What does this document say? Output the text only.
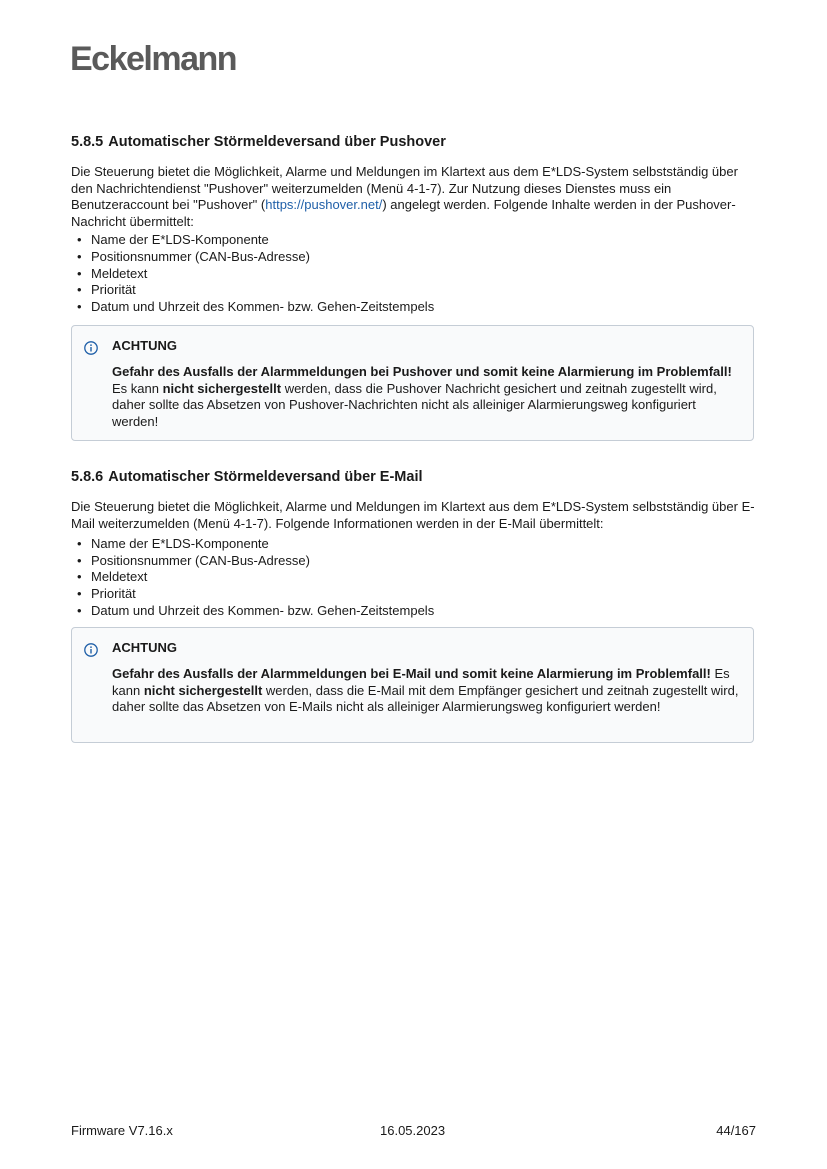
Eckelmann
5.8.5 Automatischer Störmeldeversand über Pushover

Die Steuerung bietet die Möglichkeit, Alarme und Meldungen im Klartext aus dem E*LDS-System selbstständig über den Nachrichtendienst "Pushover" weiterzumelden (Menü 4-1-7). Zur Nutzung dieses Dienstes muss ein Benutzeraccount bei "Pushover" (https://pushover.net/) angelegt werden. Folgende Inhalte werden in der Pushover-Nachricht übermittelt:

• Name der E*LDS-Komponente
• Positionsnummer (CAN-Bus-Adresse)
• Meldetext
• Priorität
• Datum und Uhrzeit des Kommen- bzw. Gehen-Zeitstempels
ACHTUNG
Gefahr des Ausfalls der Alarmmeldungen bei Pushover und somit keine Alarmierung im Problemfall! Es kann nicht sichergestellt werden, dass die Pushover Nachricht gesichert und zeitnah zugestellt wird, daher sollte das Absetzen von Pushover-Nachrichten nicht als alleiniger Alarmierungsweg konfiguriert werden!
5.8.6 Automatischer Störmeldeversand über E-Mail

Die Steuerung bietet die Möglichkeit, Alarme und Meldungen im Klartext aus dem E*LDS-System selbstständig über E-Mail weiterzumelden (Menü 4-1-7). Folgende Informationen werden in der E-Mail übermittelt:

• Name der E*LDS-Komponente
• Positionsnummer (CAN-Bus-Adresse)
• Meldetext
• Priorität
• Datum und Uhrzeit des Kommen- bzw. Gehen-Zeitstempels
ACHTUNG
Gefahr des Ausfalls der Alarmmeldungen bei E-Mail und somit keine Alarmierung im Problemfall! Es kann nicht sichergestellt werden, dass die E-Mail mit dem Empfänger gesichert und zeitnah zugestellt wird, daher sollte das Absetzen von E-Mails nicht als alleiniger Alarmierungsweg konfiguriert werden!
Firmware V7.16.x	16.05.2023	44/167
